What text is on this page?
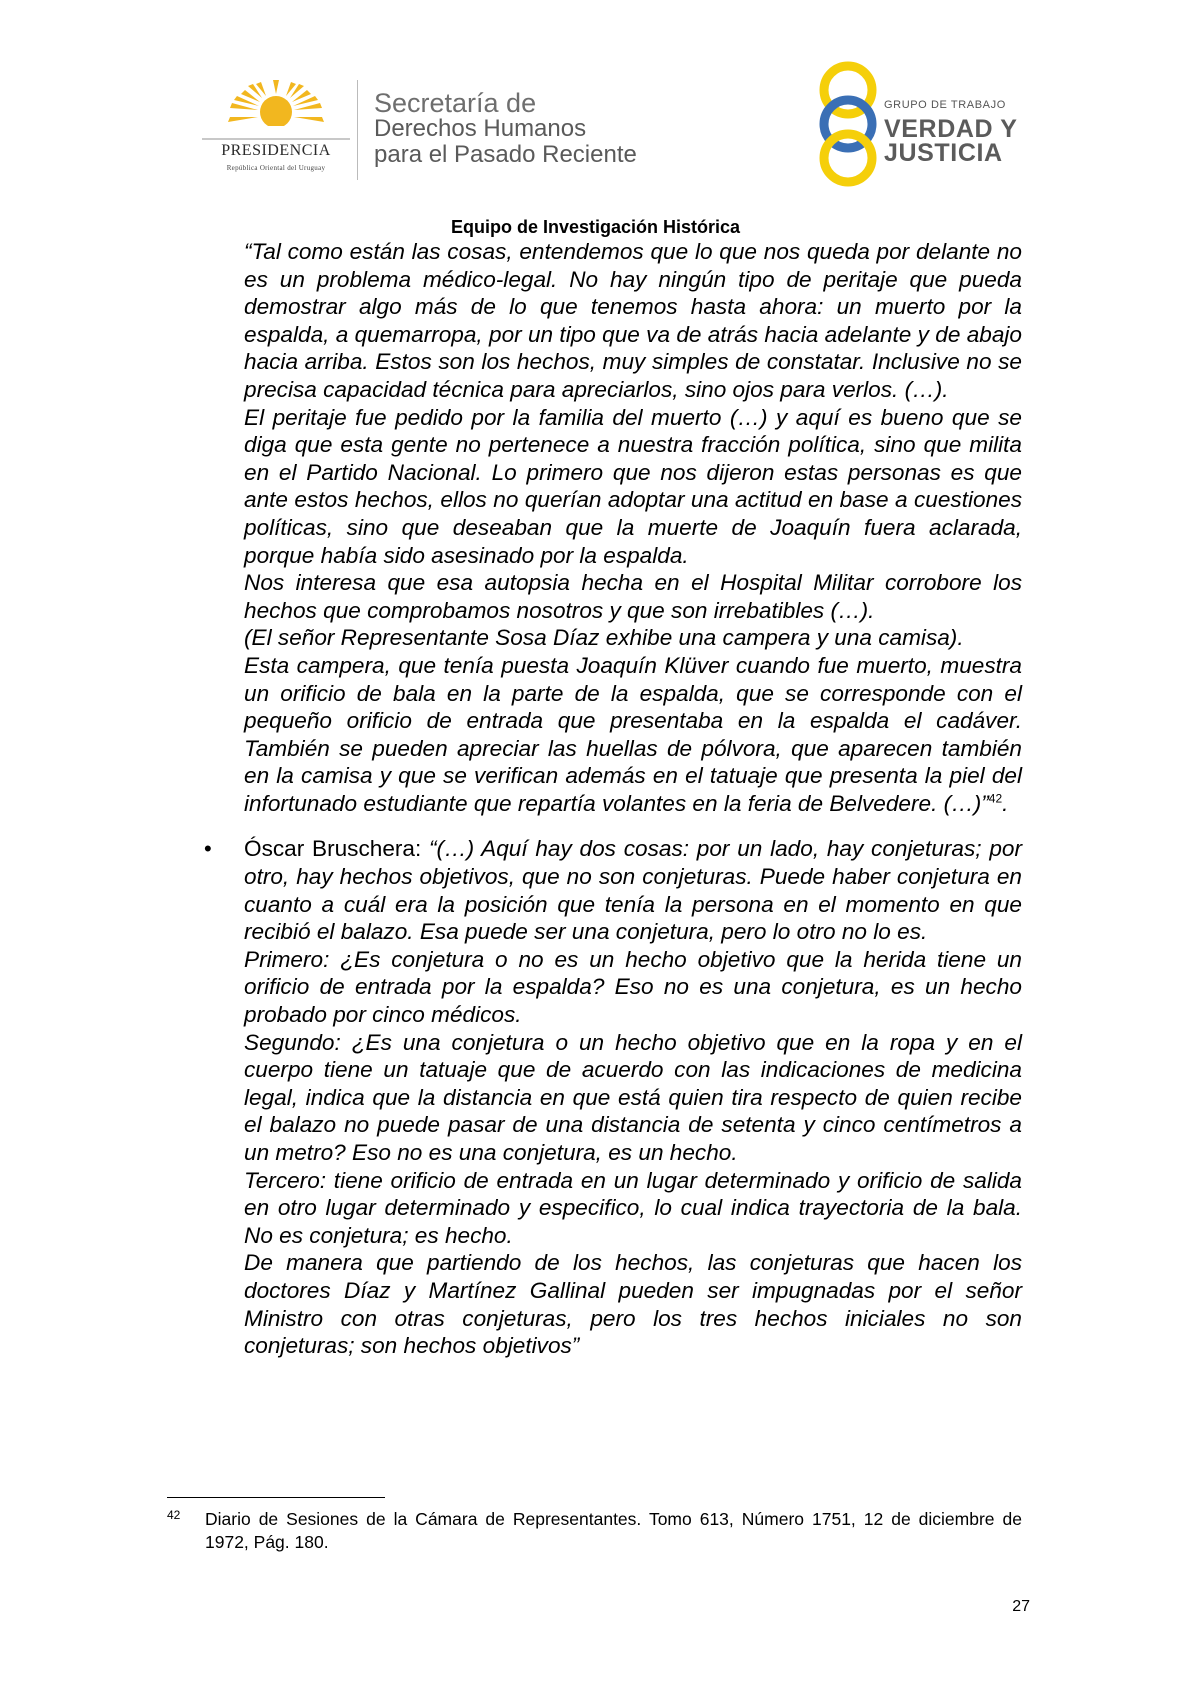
PRESIDENCIA
República Oriental del Uruguay
Secretaría de
Derechos Humanos
para el Pasado Reciente
GRUPO DE TRABAJO
VERDAD Y
JUSTICIA
Equipo de Investigación Histórica

“Tal como están las cosas, entendemos que lo que nos queda por delante no es un problema médico-legal. No hay ningún tipo de peritaje que pueda demostrar algo más de lo que tenemos hasta ahora: un muerto por la espalda, a quemarropa, por un tipo que va de atrás hacia adelante y de abajo hacia arriba. Estos son los hechos, muy simples de constatar. Inclusive no se precisa capacidad técnica para apreciarlos, sino ojos para verlos. (…).

El peritaje fue pedido por la familia del muerto (…) y aquí es bueno que se diga que esta gente no pertenece a nuestra fracción política, sino que milita en el Partido Nacional. Lo primero que nos dijeron estas personas es que ante estos hechos, ellos no querían adoptar una actitud en base a cuestiones políticas, sino que deseaban que la muerte de Joaquín fuera aclarada, porque había sido asesinado por la espalda.

Nos interesa que esa autopsia hecha en el Hospital Militar corrobore los hechos que comprobamos nosotros y que son irrebatibles (…).

(El señor Representante Sosa Díaz exhibe una campera y una camisa).

Esta campera, que tenía puesta Joaquín Klüver cuando fue muerto, muestra un orificio de bala en la parte de la espalda, que se corresponde con el pequeño orificio de entrada que presentaba en la espalda el cadáver. También se pueden apreciar las huellas de pólvora, que aparecen también en la camisa y que se verifican además en el tatuaje que presenta la piel del infortunado estudiante que repartía volantes en la feria de Belvedere. (…)”$^{42}$.

• Óscar Bruschera: “(…) Aquí hay dos cosas: por un lado, hay conjeturas; por otro, hay hechos objetivos, que no son conjeturas. Puede haber conjetura en cuanto a cuál era la posición que tenía la persona en el momento en que recibió el balazo. Esa puede ser una conjetura, pero lo otro no lo es.

Primero: ¿Es conjetura o no es un hecho objetivo que la herida tiene un orificio de entrada por la espalda? Eso no es una conjetura, es un hecho probado por cinco médicos.

Segundo: ¿Es una conjetura o un hecho objetivo que en la ropa y en el cuerpo tiene un tatuaje que de acuerdo con las indicaciones de medicina legal, indica que la distancia en que está quien tira respecto de quien recibe el balazo no puede pasar de una distancia de setenta y cinco centímetros a un metro? Eso no es una conjetura, es un hecho.

Tercero: tiene orificio de entrada en un lugar determinado y orificio de salida en otro lugar determinado y especifico, lo cual indica trayectoria de la bala. No es conjetura; es hecho.

De manera que partiendo de los hechos, las conjeturas que hacen los doctores Díaz y Martínez Gallinal pueden ser impugnadas por el señor Ministro con otras conjeturas, pero los tres hechos iniciales no son conjeturas; son hechos objetivos”

42 Diario de Sesiones de la Cámara de Representantes. Tomo 613, Número 1751, 12 de diciembre de 1972, Pág. 180.
27
